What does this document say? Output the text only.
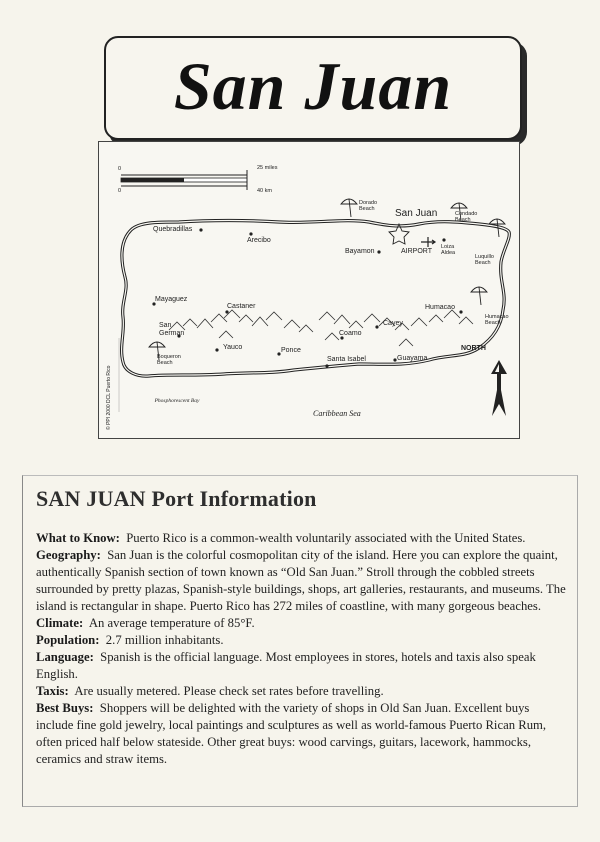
San Juan
25 miles
40 km
0
0
Quebradillas
Arecibo
Dorado Beach	San Juan	Condado Beach
Bayamon	AIRPORT
Loiza Aldea
Luquillo Beach
Mayaguez
Castaner	Humacao
Humacao Beach
San German
Cayey
Coamo
Yauco	Ponce
Santa Isabel	Guayama
Boqueron Beach
Phosphorescent Bay
Caribbean Sea
NORTH
© PPI 2000 DCL Puerto Rico
SAN JUAN Port Information

What to Know: Puerto Rico is a common-wealth voluntarily associated with the United States.

Geography: San Juan is the colorful cosmopolitan city of the island. Here you can explore the quaint, authentically Spanish section of town known as “Old San Juan.” Stroll through the cobbled streets surrounded by pretty plazas, Spanish-style buildings, shops, art galleries, restaurants, and museums. The island is rectangular in shape. Puerto Rico has 272 miles of coastline, with many gorgeous beaches.

Climate: An average temperature of 85°F.

Population: 2.7 million inhabitants.

Language: Spanish is the official language. Most employees in stores, hotels and taxis also speak English.

Taxis: Are usually metered. Please check set rates before travelling.

Best Buys: Shoppers will be delighted with the variety of shops in Old San Juan. Excellent buys include fine gold jewelry, local paintings and sculptures as well as world-famous Puerto Rican Rum, often priced half below stateside. Other great buys: wood carvings, guitars, lacework, hammocks, ceramics and straw items.
